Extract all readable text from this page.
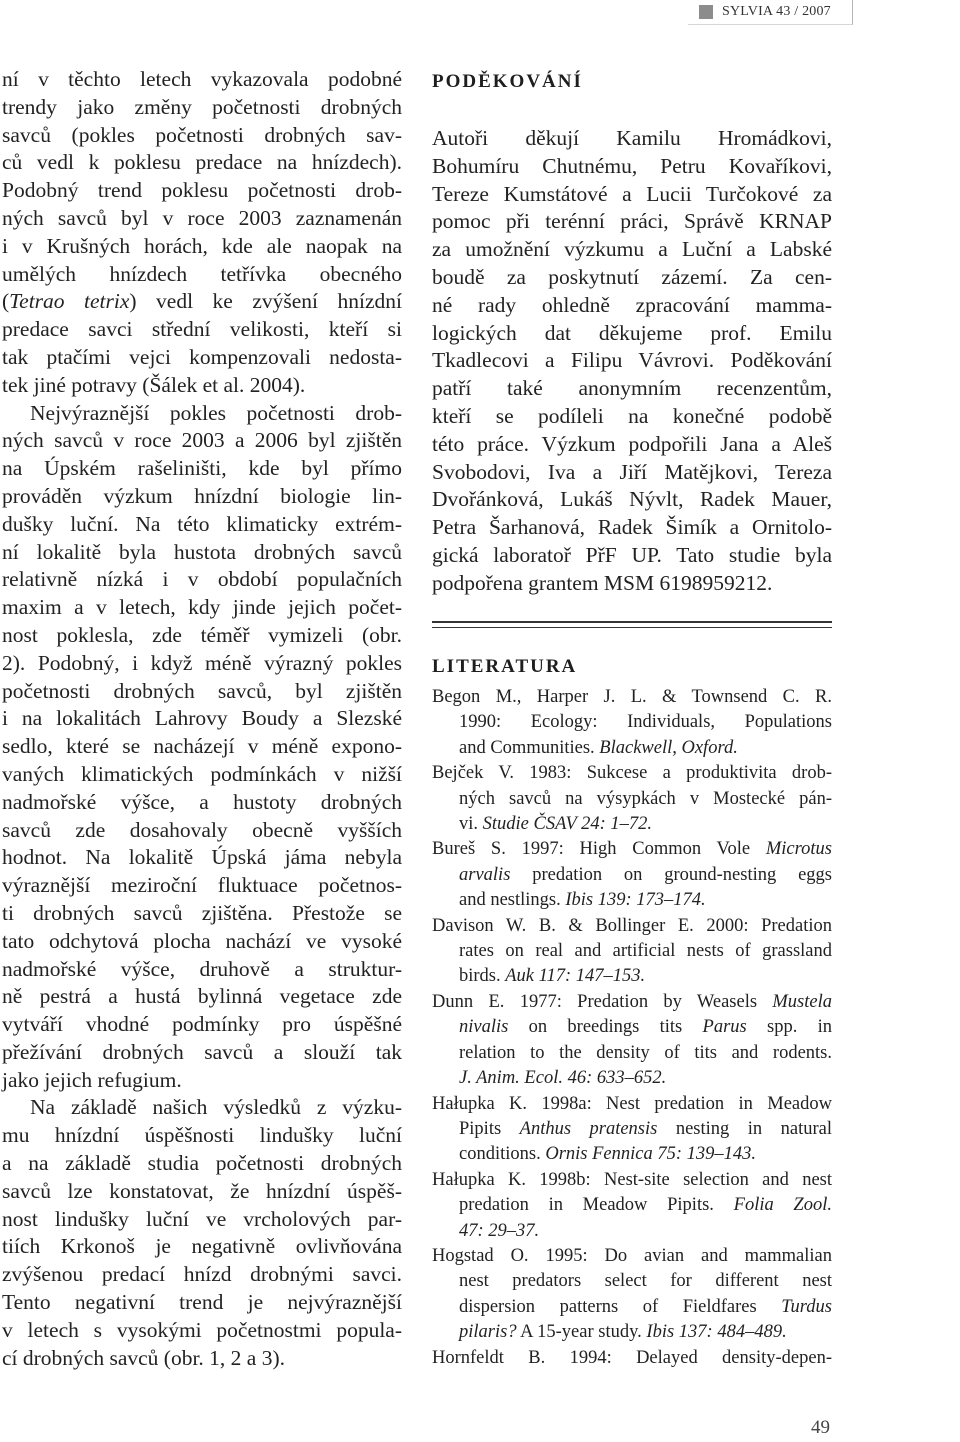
SYLVIA 43 / 2007
ní v těchto letech vykazovala podobné
trendy jako změny početnosti drobných
savců (pokles početnosti drobných sav-
ců vedl k poklesu predace na hnízdech).
Podobný trend poklesu početnosti drob-
ných savců byl v roce 2003 zaznamenán
i v Krušných horách, kde ale naopak na
umělých hnízdech tetřívka obecného
(Tetrao tetrix) vedl ke zvýšení hnízdní
predace savci střední velikosti, kteří si
tak ptačími vejci kompenzovali nedosta-
tek jiné potravy (Šálek et al. 2004).
Nejvýraznější pokles početnosti drob-
ných savců v roce 2003 a 2006 byl zjištěn
na Úpském rašeliništi, kde byl přímo
prováděn výzkum hnízdní biologie lin-
dušky luční. Na této klimaticky extrém-
ní lokalitě byla hustota drobných savců
relativně nízká i v období populačních
maxim a v letech, kdy jinde jejich počet-
nost poklesla, zde téměř vymizeli (obr.
2). Podobný, i když méně výrazný pokles
početnosti drobných savců, byl zjištěn
i na lokalitách Lahrovy Boudy a Slezské
sedlo, které se nacházejí v méně expono-
vaných klimatických podmínkách v nižší
nadmořské výšce, a hustoty drobných
savců zde dosahovaly obecně vyšších
hodnot. Na lokalitě Úpská jáma nebyla
výraznější meziroční fluktuace početnos-
ti drobných savců zjištěna. Přestože se
tato odchytová plocha nachází ve vysoké
nadmořské výšce, druhově a struktur-
ně pestrá a hustá bylinná vegetace zde
vytváří vhodné podmínky pro úspěšné
přežívání drobných savců a slouží tak
jako jejich refugium.
Na základě našich výsledků z výzku-
mu hnízdní úspěšnosti lindušky luční
a na základě studia početnosti drobných
savců lze konstatovat, že hnízdní úspěš-
nost lindušky luční ve vrcholových par-
tiích Krkonoš je negativně ovlivňována
zvýšenou predací hnízd drobnými savci.
Tento negativní trend je nejvýraznější
v letech s vysokými početnostmi popula-
cí drobných savců (obr. 1, 2 a 3).
PODĚKOVÁNÍ
Autoři děkují Kamilu Hromádkovi,
Bohumíru Chutnému, Petru Kovaříkovi,
Tereze Kumstátové a Lucii Turčokové za
pomoc při terénní práci, Správě KRNAP
za umožnění výzkumu a Luční a Labské
boudě za poskytnutí zázemí. Za cen-
né rady ohledně zpracování mamma-
logických dat děkujeme prof. Emilu
Tkadlecovi a Filipu Vávrovi. Poděkování
patří také anonymním recenzentům,
kteří se podíleli na konečné podobě
této práce. Výzkum podpořili Jana a Aleš
Svobodovi, Iva a Jiří Matějkovi, Tereza
Dvořánková, Lukáš Nývlt, Radek Mauer,
Petra Šarhanová, Radek Šimík a Ornitolo-
gická laboratoř PřF UP. Tato studie byla
podpořena grantem MSM 6198959212.
LITERATURA
Begon M., Harper J. L. & Townsend C. R.
1990: Ecology: Individuals, Populations
and Communities. Blackwell, Oxford.
Bejček V. 1983: Sukcese a produktivita drob-
ných savců na výsypkách v Mostecké pán-
vi. Studie ČSAV 24: 1–72.
Bureš S. 1997: High Common Vole Microtus
arvalis predation on ground-nesting eggs
and nestlings. Ibis 139: 173–174.
Davison W. B. & Bollinger E. 2000: Predation
rates on real and artificial nests of grassland
birds. Auk 117: 147–153.
Dunn E. 1977: Predation by Weasels Mustela
nivalis on breedings tits Parus spp. in
relation to the density of tits and rodents.
J. Anim. Ecol. 46: 633–652.
Hałupka K. 1998a: Nest predation in Meadow
Pipits Anthus pratensis nesting in natural
conditions. Ornis Fennica 75: 139–143.
Hałupka K. 1998b: Nest-site selection and nest
predation in Meadow Pipits. Folia Zool.
47: 29–37.
Hogstad O. 1995: Do avian and mammalian
nest predators select for different nest
dispersion patterns of Fieldfares Turdus
pilaris? A 15-year study. Ibis 137: 484–489.
Hornfeldt B. 1994: Delayed density-depen-
49
